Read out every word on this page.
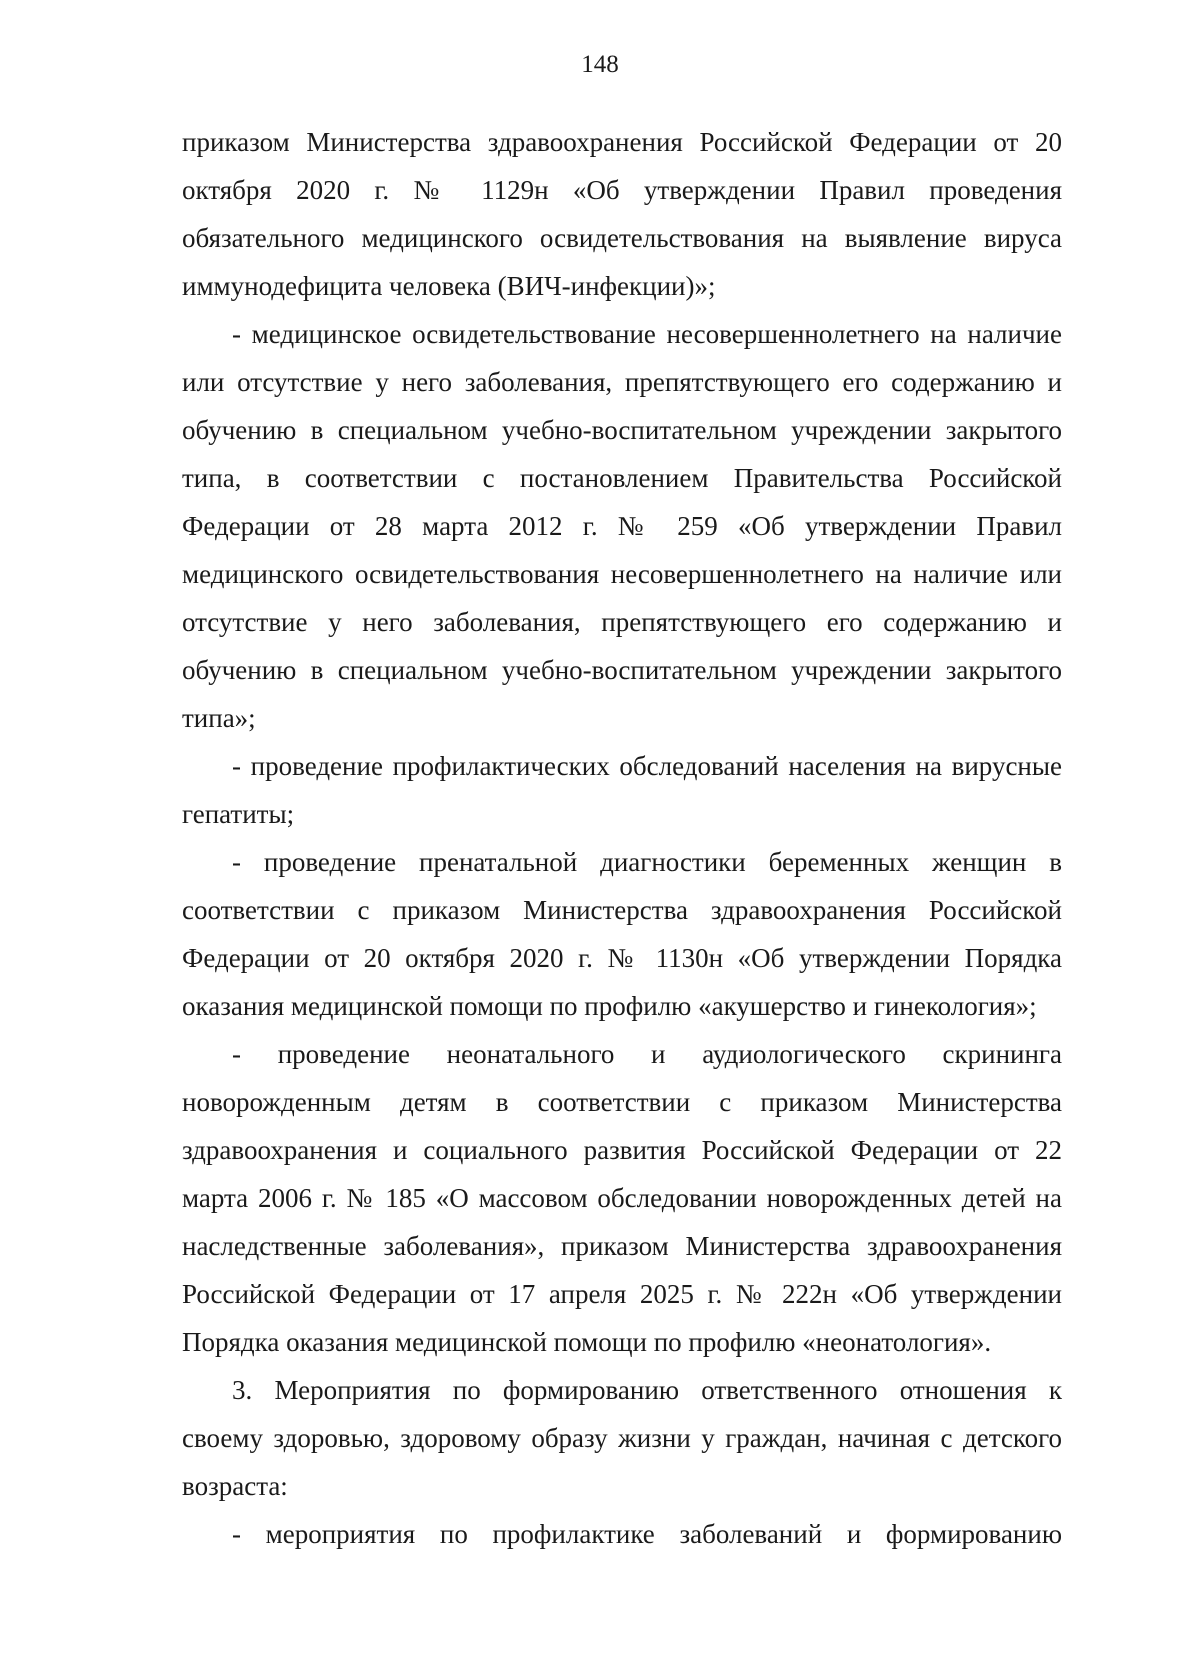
148
приказом Министерства здравоохранения Российской Федерации от 20
октября 2020 г. № 1129н «Об утверждении Правил проведения
обязательного медицинского освидетельствования на выявление вируса
иммунодефицита человека (ВИЧ-инфекции)»;
- медицинское освидетельствование несовершеннолетнего на наличие
или отсутствие у него заболевания, препятствующего его содержанию и
обучению в специальном учебно-воспитательном учреждении закрытого
типа, в соответствии с постановлением Правительства Российской
Федерации от 28 марта 2012 г. № 259 «Об утверждении Правил
медицинского освидетельствования несовершеннолетнего на наличие или
отсутствие у него заболевания, препятствующего его содержанию и
обучению в специальном учебно-воспитательном учреждении закрытого
типа»;
- проведение профилактических обследований населения на вирусные
гепатиты;
- проведение пренатальной диагностики беременных женщин в
соответствии с приказом Министерства здравоохранения Российской
Федерации от 20 октября 2020 г. № 1130н «Об утверждении Порядка
оказания медицинской помощи по профилю «акушерство и гинекология»;
- проведение неонатального и аудиологического скрининга
новорожденным детям в соответствии с приказом Министерства
здравоохранения и социального развития Российской Федерации от 22
марта 2006 г. № 185 «О массовом обследовании новорожденных детей на
наследственные заболевания», приказом Министерства здравоохранения
Российской Федерации от 17 апреля 2025 г. № 222н «Об утверждении
Порядка оказания медицинской помощи по профилю «неонатология».
3. Мероприятия по формированию ответственного отношения к
своему здоровью, здоровому образу жизни у граждан, начиная с детского
возраста:
- мероприятия по профилактике заболеваний и формированию
